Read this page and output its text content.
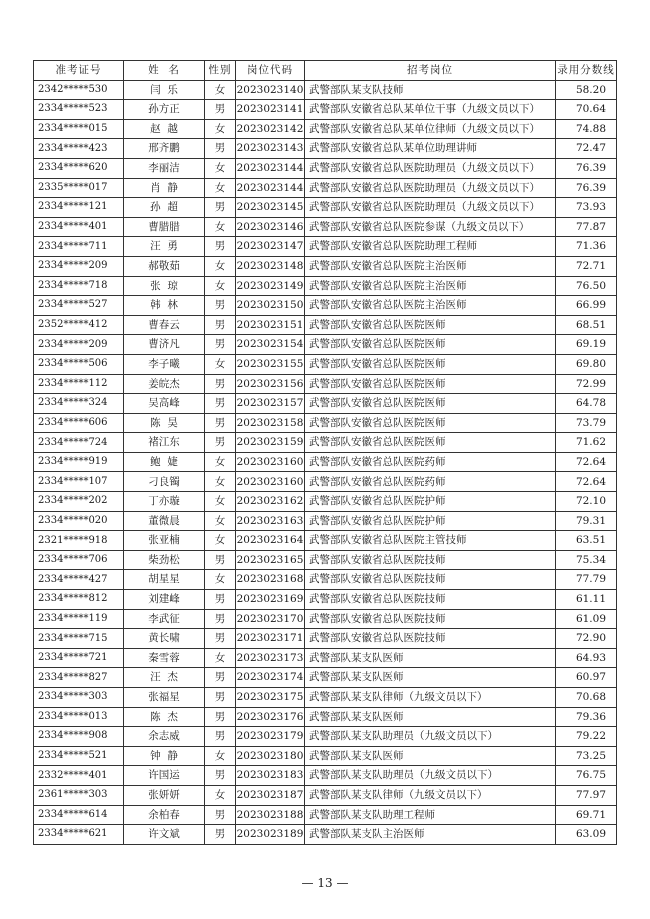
准考证号	姓  名	性别	岗位代码	招考岗位	录用分数线
2342*****530	闫  乐	女	2023023140	武警部队某支队技师	58.20
2334*****523	孙方正	男	2023023141	武警部队安徽省总队某单位干事（九级文员以下）	70.64
2334*****015	赵  越	女	2023023142	武警部队安徽省总队某单位律师（九级文员以下）	74.88
2334*****423	邢齐鹏	男	2023023143	武警部队安徽省总队某单位助理讲师	72.47
2334*****620	李丽洁	女	2023023144	武警部队安徽省总队医院助理员（九级文员以下）	76.39
2335*****017	肖  静	女	2023023144	武警部队安徽省总队医院助理员（九级文员以下）	76.39
2334*****121	孙  超	男	2023023145	武警部队安徽省总队医院助理员（九级文员以下）	73.93
2334*****401	曹腊腊	女	2023023146	武警部队安徽省总队医院参谋（九级文员以下）	77.87
2334*****711	汪  勇	男	2023023147	武警部队安徽省总队医院助理工程师	71.36
2334*****209	郝敬茹	女	2023023148	武警部队安徽省总队医院主治医师	72.71
2334*****718	张  琼	女	2023023149	武警部队安徽省总队医院主治医师	76.50
2334*****527	韩  林	男	2023023150	武警部队安徽省总队医院主治医师	66.99
2352*****412	曹春云	男	2023023151	武警部队安徽省总队医院医师	68.51
2334*****209	曹济凡	男	2023023154	武警部队安徽省总队医院医师	69.19
2334*****506	李子曦	女	2023023155	武警部队安徽省总队医院医师	69.80
2334*****112	姜皖杰	男	2023023156	武警部队安徽省总队医院医师	72.99
2334*****324	吴高峰	男	2023023157	武警部队安徽省总队医院医师	64.78
2334*****606	陈  昊	男	2023023158	武警部队安徽省总队医院医师	73.79
2334*****724	褚江东	男	2023023159	武警部队安徽省总队医院医师	71.62
2334*****919	鲍  婕	女	2023023160	武警部队安徽省总队医院药师	72.64
2334*****107	刁良镯	女	2023023160	武警部队安徽省总队医院药师	72.64
2334*****202	丁亦璇	女	2023023162	武警部队安徽省总队医院护师	72.10
2334*****020	董微晨	女	2023023163	武警部队安徽省总队医院护师	79.31
2321*****918	张亚楠	女	2023023164	武警部队安徽省总队医院主管技师	63.51
2334*****706	柴劲松	男	2023023165	武警部队安徽省总队医院技师	75.34
2334*****427	胡星星	女	2023023168	武警部队安徽省总队医院技师	77.79
2334*****812	刘建峰	男	2023023169	武警部队安徽省总队医院技师	61.11
2334*****119	李武征	男	2023023170	武警部队安徽省总队医院技师	61.09
2334*****715	黄长啸	男	2023023171	武警部队安徽省总队医院技师	72.90
2334*****721	秦雪蓉	女	2023023173	武警部队某支队医师	64.93
2334*****827	汪  杰	男	2023023174	武警部队某支队医师	60.97
2334*****303	张福星	男	2023023175	武警部队某支队律师（九级文员以下）	70.68
2334*****013	陈  杰	男	2023023176	武警部队某支队医师	79.36
2334*****908	余志威	男	2023023179	武警部队某支队助理员（九级文员以下）	79.22
2334*****521	钟  静	女	2023023180	武警部队某支队医师	73.25
2332*****401	许国运	男	2023023183	武警部队某支队助理员（九级文员以下）	76.75
2361*****303	张妍妍	女	2023023187	武警部队某支队律师（九级文员以下）	77.97
2334*****614	余柏春	男	2023023188	武警部队某支队助理工程师	69.71
2334*****621	许文斌	男	2023023189	武警部队某支队主治医师	63.09
— 13 —
